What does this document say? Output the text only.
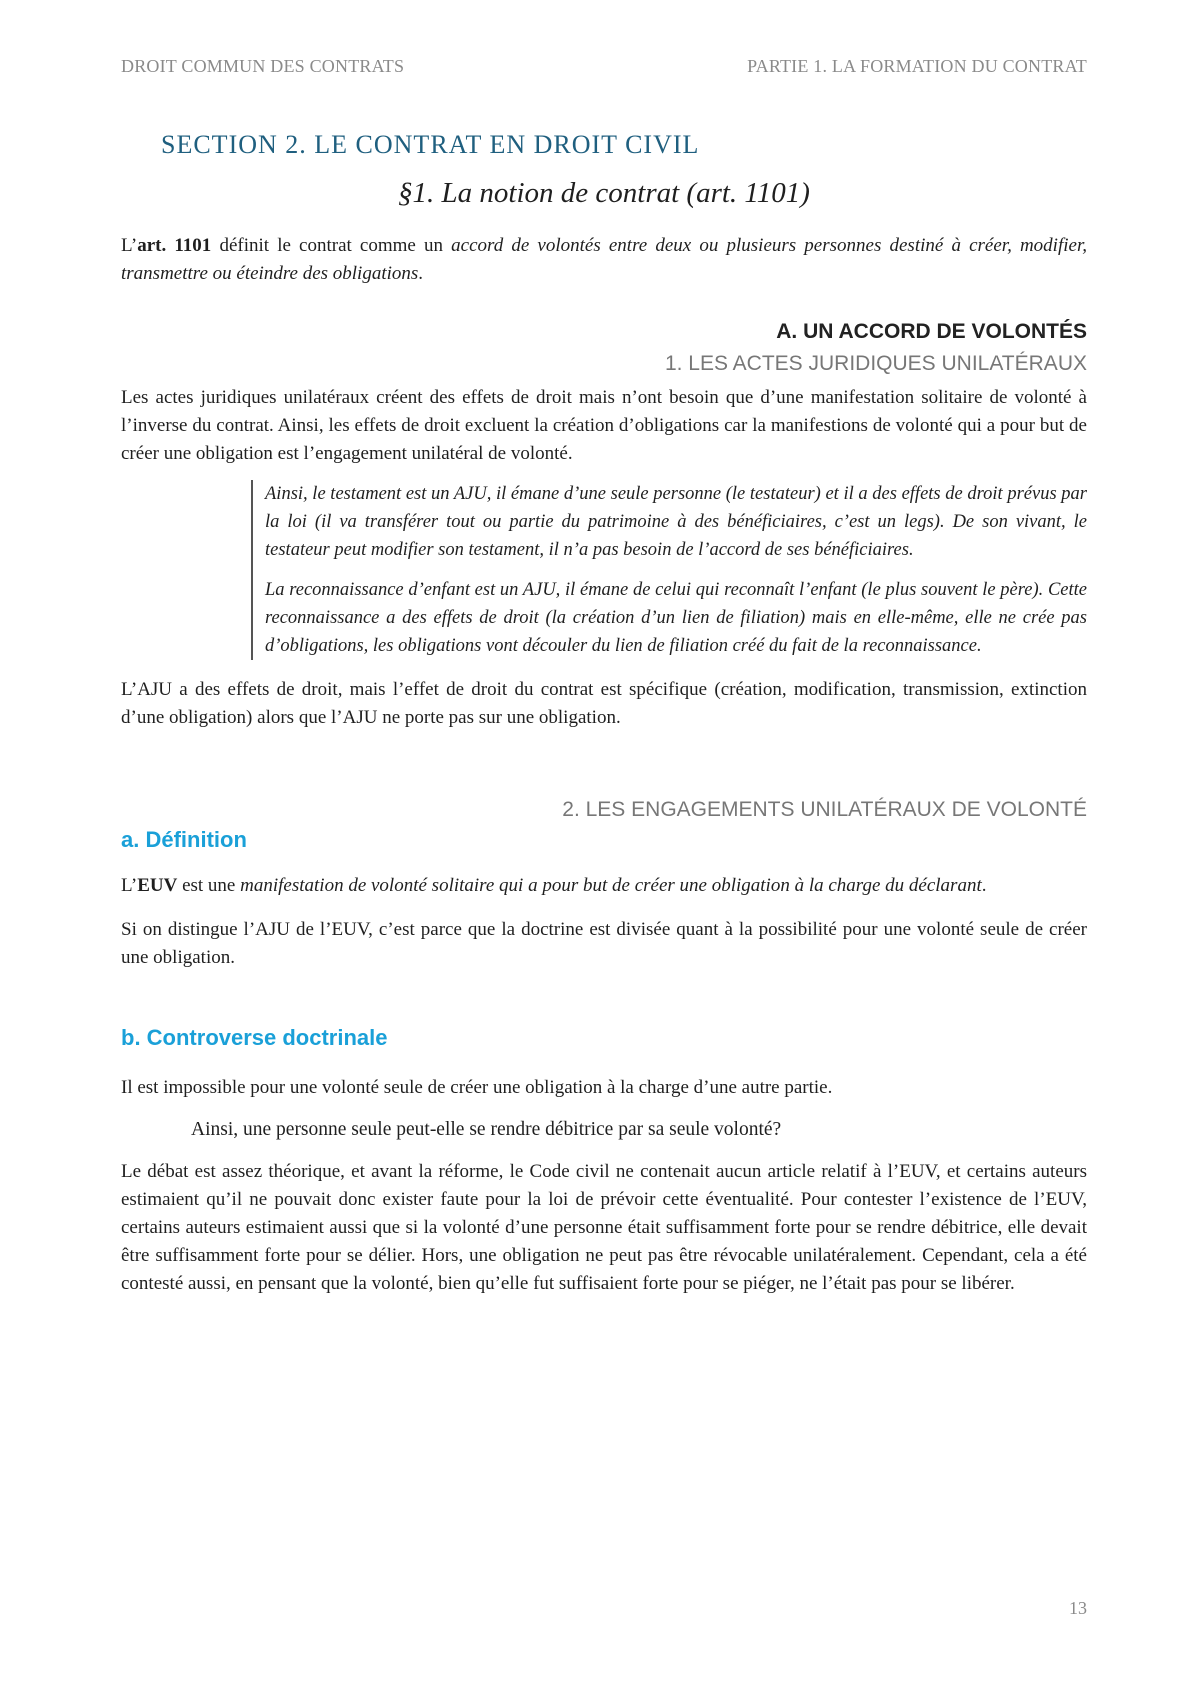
DROIT COMMUN DES CONTRATS	PARTIE 1. LA FORMATION DU CONTRAT
SECTION 2. LE CONTRAT EN DROIT CIVIL
§1. La notion de contrat (art. 1101)

L’art. 1101 définit le contrat comme un accord de volontés entre deux ou plusieurs personnes destiné à créer, modifier, transmettre ou éteindre des obligations.

A. UN ACCORD DE VOLONTÉS
1. LES ACTES JURIDIQUES UNILATÉRAUX

Les actes juridiques unilatéraux créent des effets de droit mais n’ont besoin que d’une manifestation solitaire de volonté à l’inverse du contrat. Ainsi, les effets de droit excluent la création d’obligations car la manifestions de volonté qui a pour but de créer une obligation est l’engagement unilatéral de volonté.

Ainsi, le testament est un AJU, il émane d’une seule personne (le testateur) et il a des effets de droit prévus par la loi (il va transférer tout ou partie du patrimoine à des bénéficiaires, c’est un legs). De son vivant, le testateur peut modifier son testament, il n’a pas besoin de l’accord de ses bénéficiaires.

La reconnaissance d’enfant est un AJU, il émane de celui qui reconnaît l’enfant (le plus souvent le père). Cette reconnaissance a des effets de droit (la création d’un lien de filiation) mais en elle-même, elle ne crée pas d’obligations, les obligations vont découler du lien de filiation créé du fait de la reconnaissance.

L’AJU a des effets de droit, mais l’effet de droit du contrat est spécifique (création, modification, transmission, extinction d’une obligation) alors que l’AJU ne porte pas sur une obligation.

2. LES ENGAGEMENTS UNILATÉRAUX DE VOLONTÉ
a. Définition

L’EUV est une manifestation de volonté solitaire qui a pour but de créer une obligation à la charge du déclarant.

Si on distingue l’AJU de l’EUV, c’est parce que la doctrine est divisée quant à la possibilité pour une volonté seule de créer une obligation.

b. Controverse doctrinale

Il est impossible pour une volonté seule de créer une obligation à la charge d’une autre partie.

Ainsi, une personne seule peut-elle se rendre débitrice par sa seule volonté?

Le débat est assez théorique, et avant la réforme, le Code civil ne contenait aucun article relatif à l’EUV, et certains auteurs estimaient qu’il ne pouvait donc exister faute pour la loi de prévoir cette éventualité. Pour contester l’existence de l’EUV, certains auteurs estimaient aussi que si la volonté d’une personne était suffisamment forte pour se rendre débitrice, elle devait être suffisamment forte pour se délier. Hors, une obligation ne peut pas être révocable unilatéralement. Cependant, cela a été contesté aussi, en pensant que la volonté, bien qu’elle fut suffisaient forte pour se piéger, ne l’était pas pour se libérer.

13
